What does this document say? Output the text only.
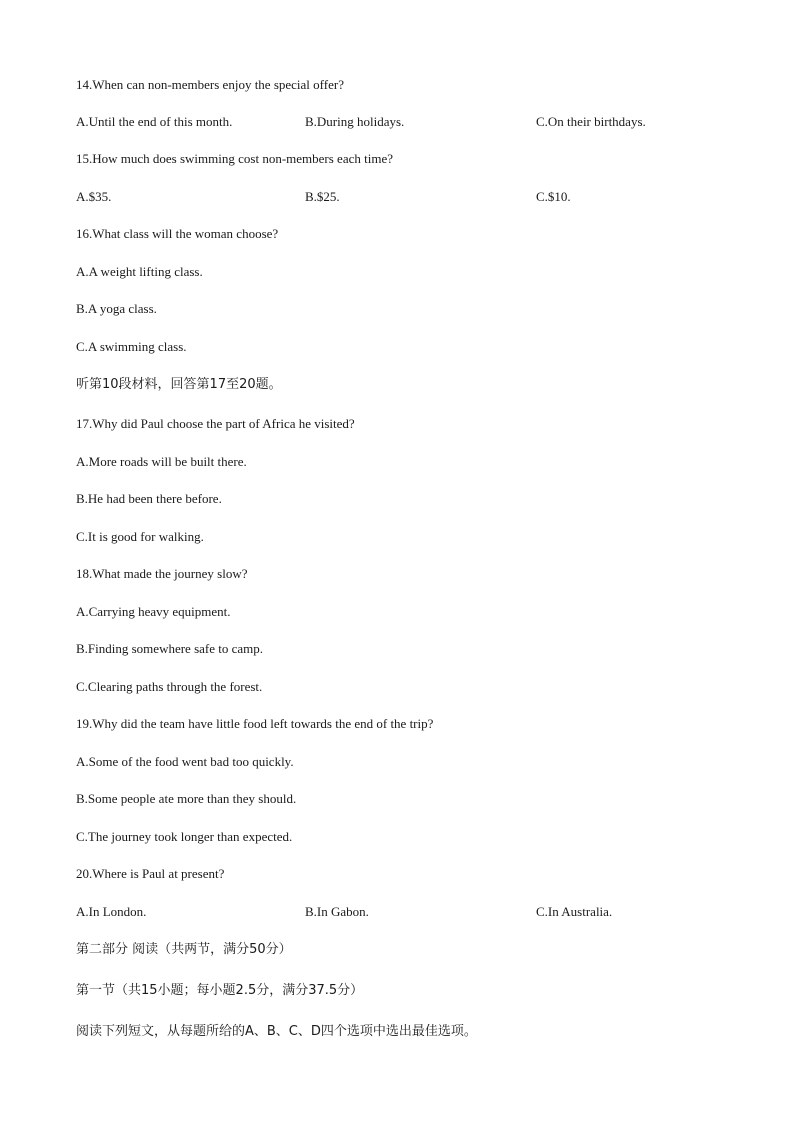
14.When can non-members enjoy the special offer?
A.Until the end of this month.	B.During holidays.	C.On their birthdays.
15.How much does swimming cost non-members each time?
A.$35.	B.$25.	C.$10.
16.What class will the woman choose?
A.A weight lifting class.
B.A yoga class.
C.A swimming class.
听第10段材料，回答第17至20题。
17.Why did Paul choose the part of Africa he visited?
A.More roads will be built there.
B.He had been there before.
C.It is good for walking.
18.What made the journey slow?
A.Carrying heavy equipment.
B.Finding somewhere safe to camp.
C.Clearing paths through the forest.
19.Why did the team have little food left towards the end of the trip?
A.Some of the food went bad too quickly.
B.Some people ate more than they should.
C.The journey took longer than expected.
20.Where is Paul at present?
A.In London.	B.In Gabon.	C.In Australia.
第二部分 阅读（共两节，满分50分）
第一节（共15小题；每小题2.5分，满分37.5分）
阅读下列短文，从每题所给的A、B、C、D四个选项中选出最佳选项。
